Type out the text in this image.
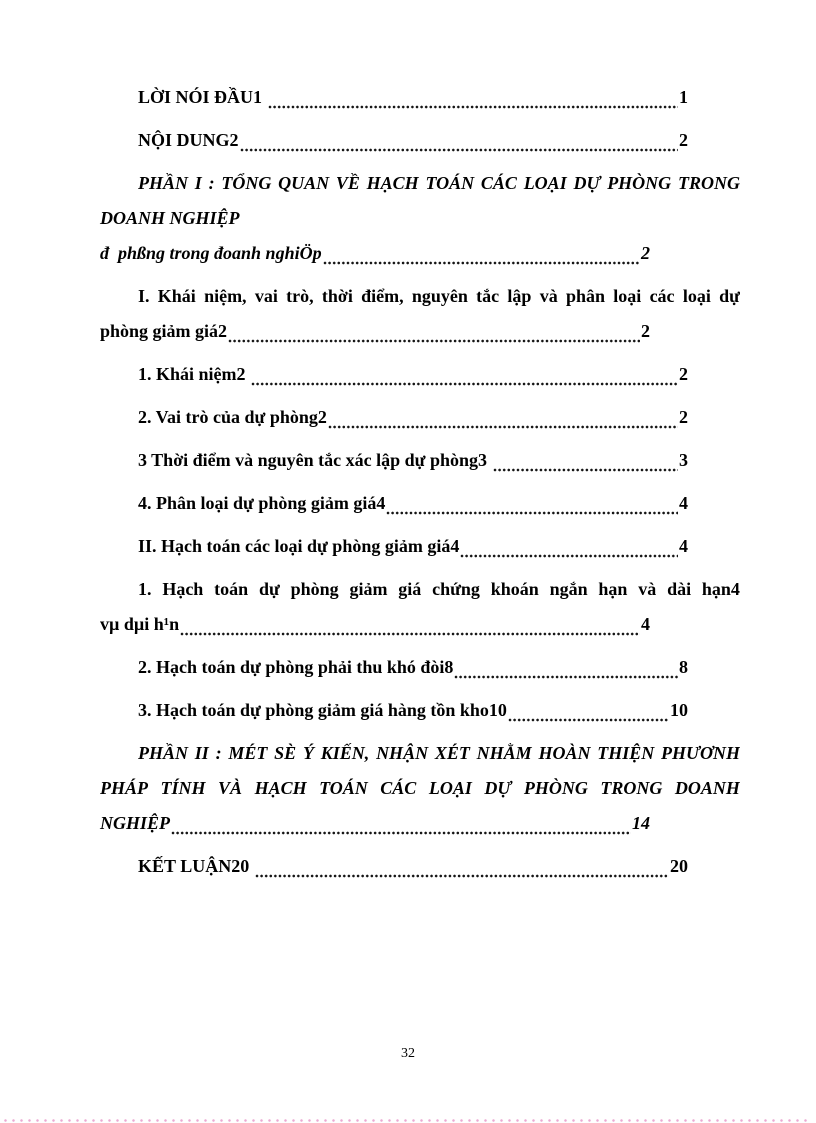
LỜI NÓI ĐẦU1	1
NỘI DUNG2	2
PHẦN I : TỔNG QUAN VỀ HẠCH TOÁN CÁC LOẠI DỰ PHÒNG TRONG
DOANH NGHIỆP
đ  phßng trong đoanh nghiÖp	2
I. Khái niệm, vai trò, thời điểm, nguyên tắc lập và phân loại các loại dự
phòng giảm giá2	2
1. Khái niệm2	2
2. Vai trò của dự phòng2	2
3 Thời điểm và nguyên tắc xác lập dự phòng3	3
4. Phân loại dự phòng giảm giá4	4
II. Hạch toán các loại dự phòng giảm giá4	4
1. Hạch toán dự phòng giảm giá chứng khoán ngắn hạn và dài hạn4
vµ dµi h¹n	4
2. Hạch toán dự phòng phải thu khó đòi8	8
3. Hạch toán dự phòng giảm giá hàng tồn kho10	10
PHẦN II : MÉT SÈ Ý KIẾN, NHẬN XÉT NHẰM HOÀN THIỆN PHƯƠNH
PHÁP TÍNH VÀ HẠCH TOÁN CÁC LOẠI DỰ PHÒNG TRONG DOANH
NGHIỆP	14
KẾT LUẬN20	20
32
